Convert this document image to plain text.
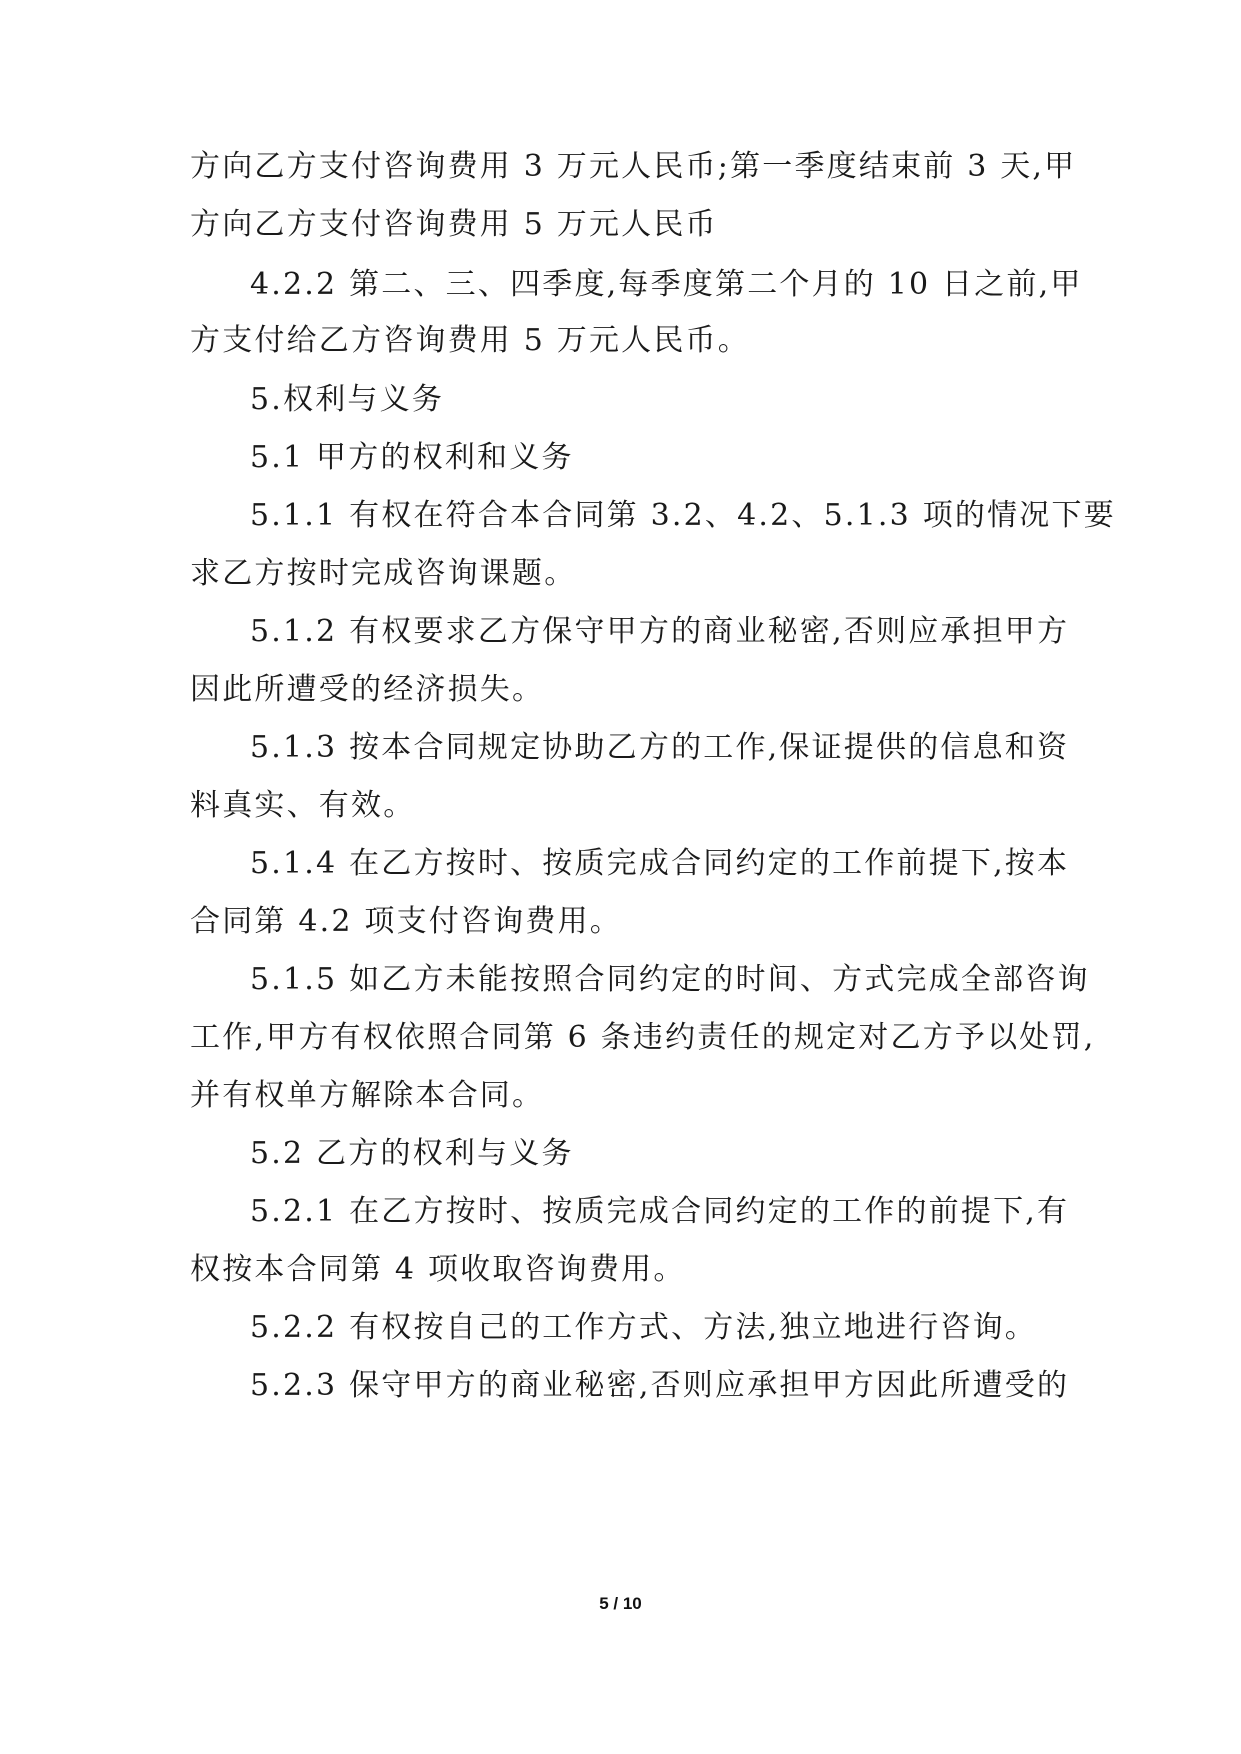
方向乙方支付咨询费用 3 万元人民币;第一季度结束前 3 天,甲
方向乙方支付咨询费用 5 万元人民币
4.2.2 第二、三、四季度,每季度第二个月的 10 日之前,甲
方支付给乙方咨询费用 5 万元人民币。
5.权利与义务
5.1 甲方的权利和义务
5.1.1 有权在符合本合同第 3.2、4.2、5.1.3 项的情况下要
求乙方按时完成咨询课题。
5.1.2 有权要求乙方保守甲方的商业秘密,否则应承担甲方
因此所遭受的经济损失。
5.1.3 按本合同规定协助乙方的工作,保证提供的信息和资
料真实、有效。
5.1.4 在乙方按时、按质完成合同约定的工作前提下,按本
合同第 4.2 项支付咨询费用。
5.1.5 如乙方未能按照合同约定的时间、方式完成全部咨询
工作,甲方有权依照合同第 6 条违约责任的规定对乙方予以处罚,
并有权单方解除本合同。
5.2 乙方的权利与义务
5.2.1 在乙方按时、按质完成合同约定的工作的前提下,有
权按本合同第 4 项收取咨询费用。
5.2.2 有权按自己的工作方式、方法,独立地进行咨询。
5.2.3 保守甲方的商业秘密,否则应承担甲方因此所遭受的
5 / 10
